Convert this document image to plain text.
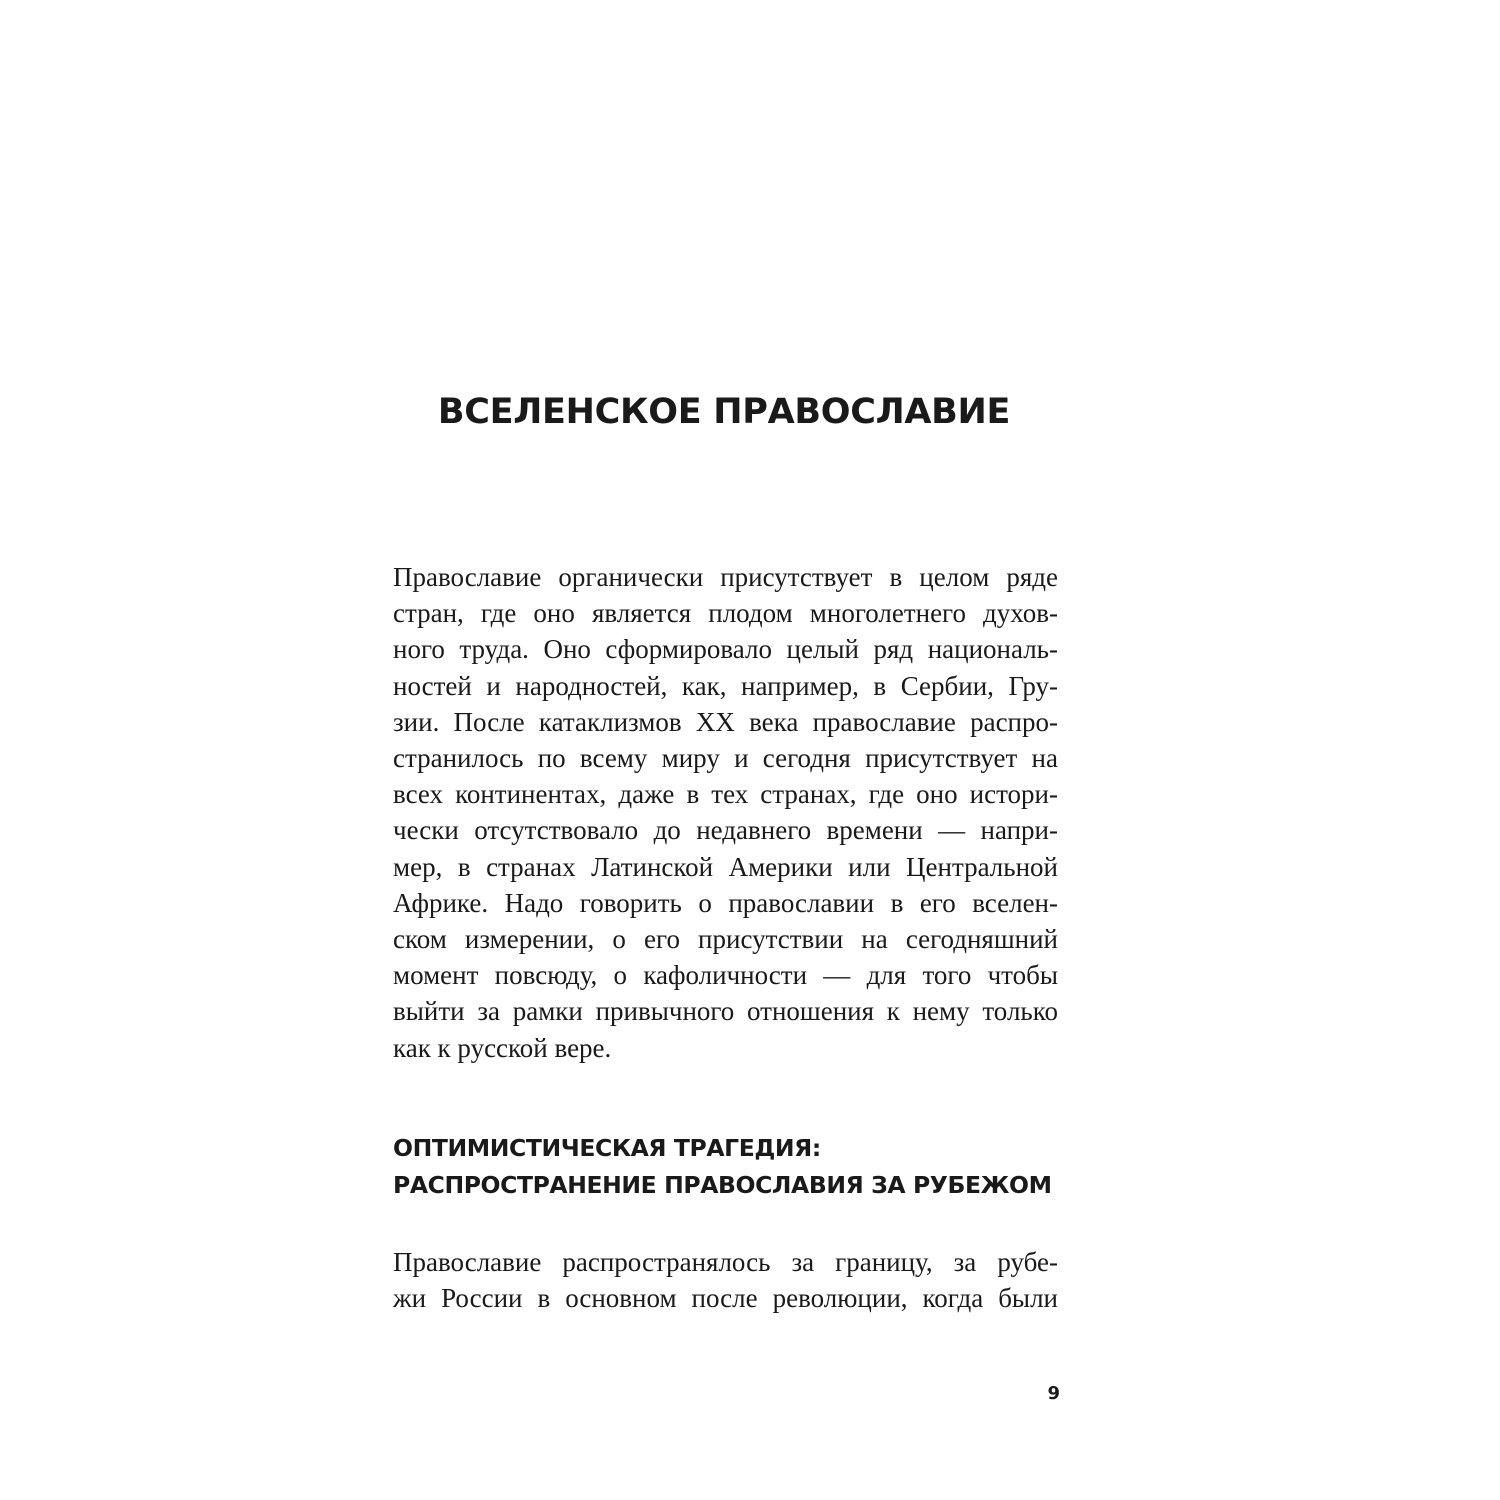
ВСЕЛЕНСКОЕ ПРАВОСЛАВИЕ
Православие органически присутствует в целом ряде
стран, где оно является плодом многолетнего духов-
ного труда. Оно сформировало целый ряд националь-
ностей и народностей, как, например, в Сербии, Гру-
зии. После катаклизмов XX века православие распро-
странилось по всему миру и сегодня присутствует на
всех континентах, даже в тех странах, где оно истори-
чески отсутствовало до недавнего времени — напри-
мер, в странах Латинской Америки или Центральной
Африке. Надо говорить о православии в его вселен-
ском измерении, о его присутствии на сегодняшний
момент повсюду, о кафоличности — для того чтобы
выйти за рамки привычного отношения к нему только
как к русской вере.
ОПТИМИСТИЧЕСКАЯ ТРАГЕДИЯ:
РАСПРОСТРАНЕНИЕ ПРАВОСЛАВИЯ ЗА РУБЕЖОМ
Православие распространялось за границу, за рубе-
жи России в основном после революции, когда были
9
